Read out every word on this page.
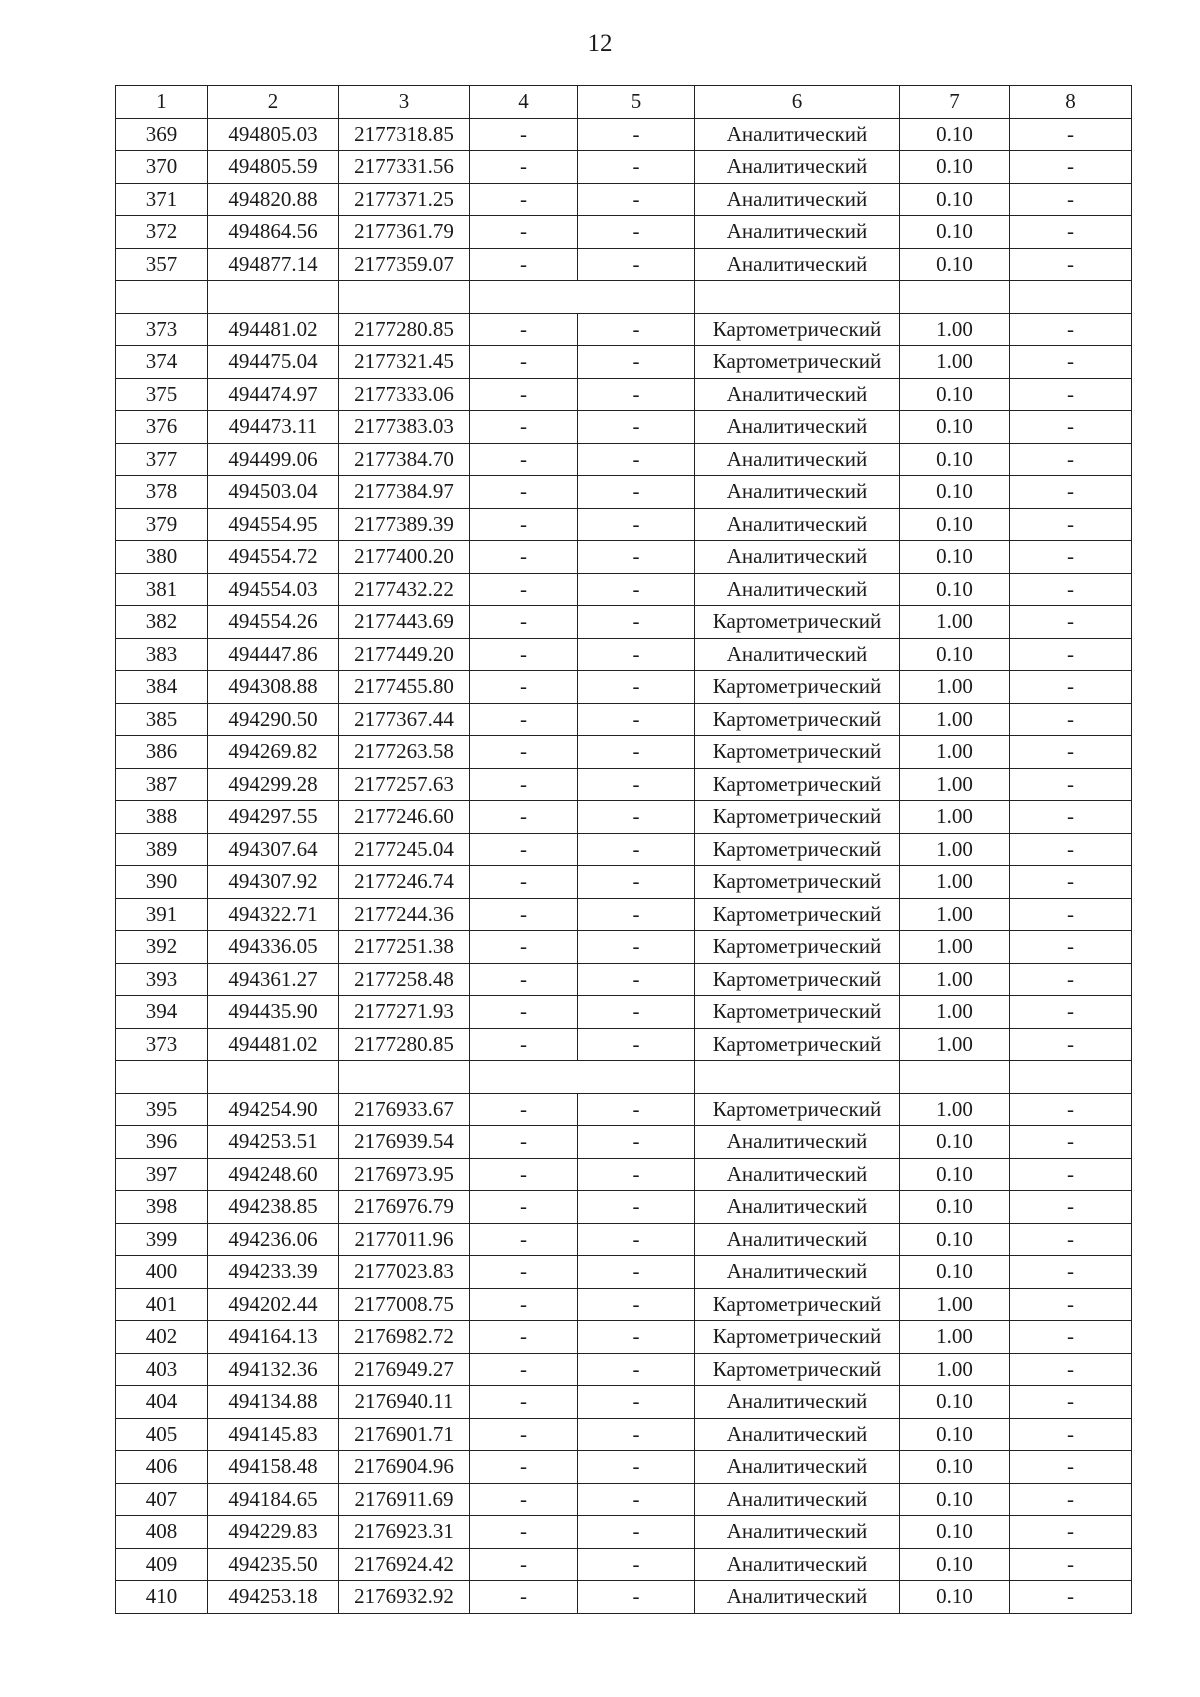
12
1	2	3	4	5	6	7	8
369	494805.03	2177318.85	-	-	Аналитический	0.10	-
370	494805.59	2177331.56	-	-	Аналитический	0.10	-
371	494820.88	2177371.25	-	-	Аналитический	0.10	-
372	494864.56	2177361.79	-	-	Аналитический	0.10	-
357	494877.14	2177359.07	-	-	Аналитический	0.10	-

373	494481.02	2177280.85	-	-	Картометрический	1.00	-
374	494475.04	2177321.45	-	-	Картометрический	1.00	-
375	494474.97	2177333.06	-	-	Аналитический	0.10	-
376	494473.11	2177383.03	-	-	Аналитический	0.10	-
377	494499.06	2177384.70	-	-	Аналитический	0.10	-
378	494503.04	2177384.97	-	-	Аналитический	0.10	-
379	494554.95	2177389.39	-	-	Аналитический	0.10	-
380	494554.72	2177400.20	-	-	Аналитический	0.10	-
381	494554.03	2177432.22	-	-	Аналитический	0.10	-
382	494554.26	2177443.69	-	-	Картометрический	1.00	-
383	494447.86	2177449.20	-	-	Аналитический	0.10	-
384	494308.88	2177455.80	-	-	Картометрический	1.00	-
385	494290.50	2177367.44	-	-	Картометрический	1.00	-
386	494269.82	2177263.58	-	-	Картометрический	1.00	-
387	494299.28	2177257.63	-	-	Картометрический	1.00	-
388	494297.55	2177246.60	-	-	Картометрический	1.00	-
389	494307.64	2177245.04	-	-	Картометрический	1.00	-
390	494307.92	2177246.74	-	-	Картометрический	1.00	-
391	494322.71	2177244.36	-	-	Картометрический	1.00	-
392	494336.05	2177251.38	-	-	Картометрический	1.00	-
393	494361.27	2177258.48	-	-	Картометрический	1.00	-
394	494435.90	2177271.93	-	-	Картометрический	1.00	-
373	494481.02	2177280.85	-	-	Картометрический	1.00	-

395	494254.90	2176933.67	-	-	Картометрический	1.00	-
396	494253.51	2176939.54	-	-	Аналитический	0.10	-
397	494248.60	2176973.95	-	-	Аналитический	0.10	-
398	494238.85	2176976.79	-	-	Аналитический	0.10	-
399	494236.06	2177011.96	-	-	Аналитический	0.10	-
400	494233.39	2177023.83	-	-	Аналитический	0.10	-
401	494202.44	2177008.75	-	-	Картометрический	1.00	-
402	494164.13	2176982.72	-	-	Картометрический	1.00	-
403	494132.36	2176949.27	-	-	Картометрический	1.00	-
404	494134.88	2176940.11	-	-	Аналитический	0.10	-
405	494145.83	2176901.71	-	-	Аналитический	0.10	-
406	494158.48	2176904.96	-	-	Аналитический	0.10	-
407	494184.65	2176911.69	-	-	Аналитический	0.10	-
408	494229.83	2176923.31	-	-	Аналитический	0.10	-
409	494235.50	2176924.42	-	-	Аналитический	0.10	-
410	494253.18	2176932.92	-	-	Аналитический	0.10	-
